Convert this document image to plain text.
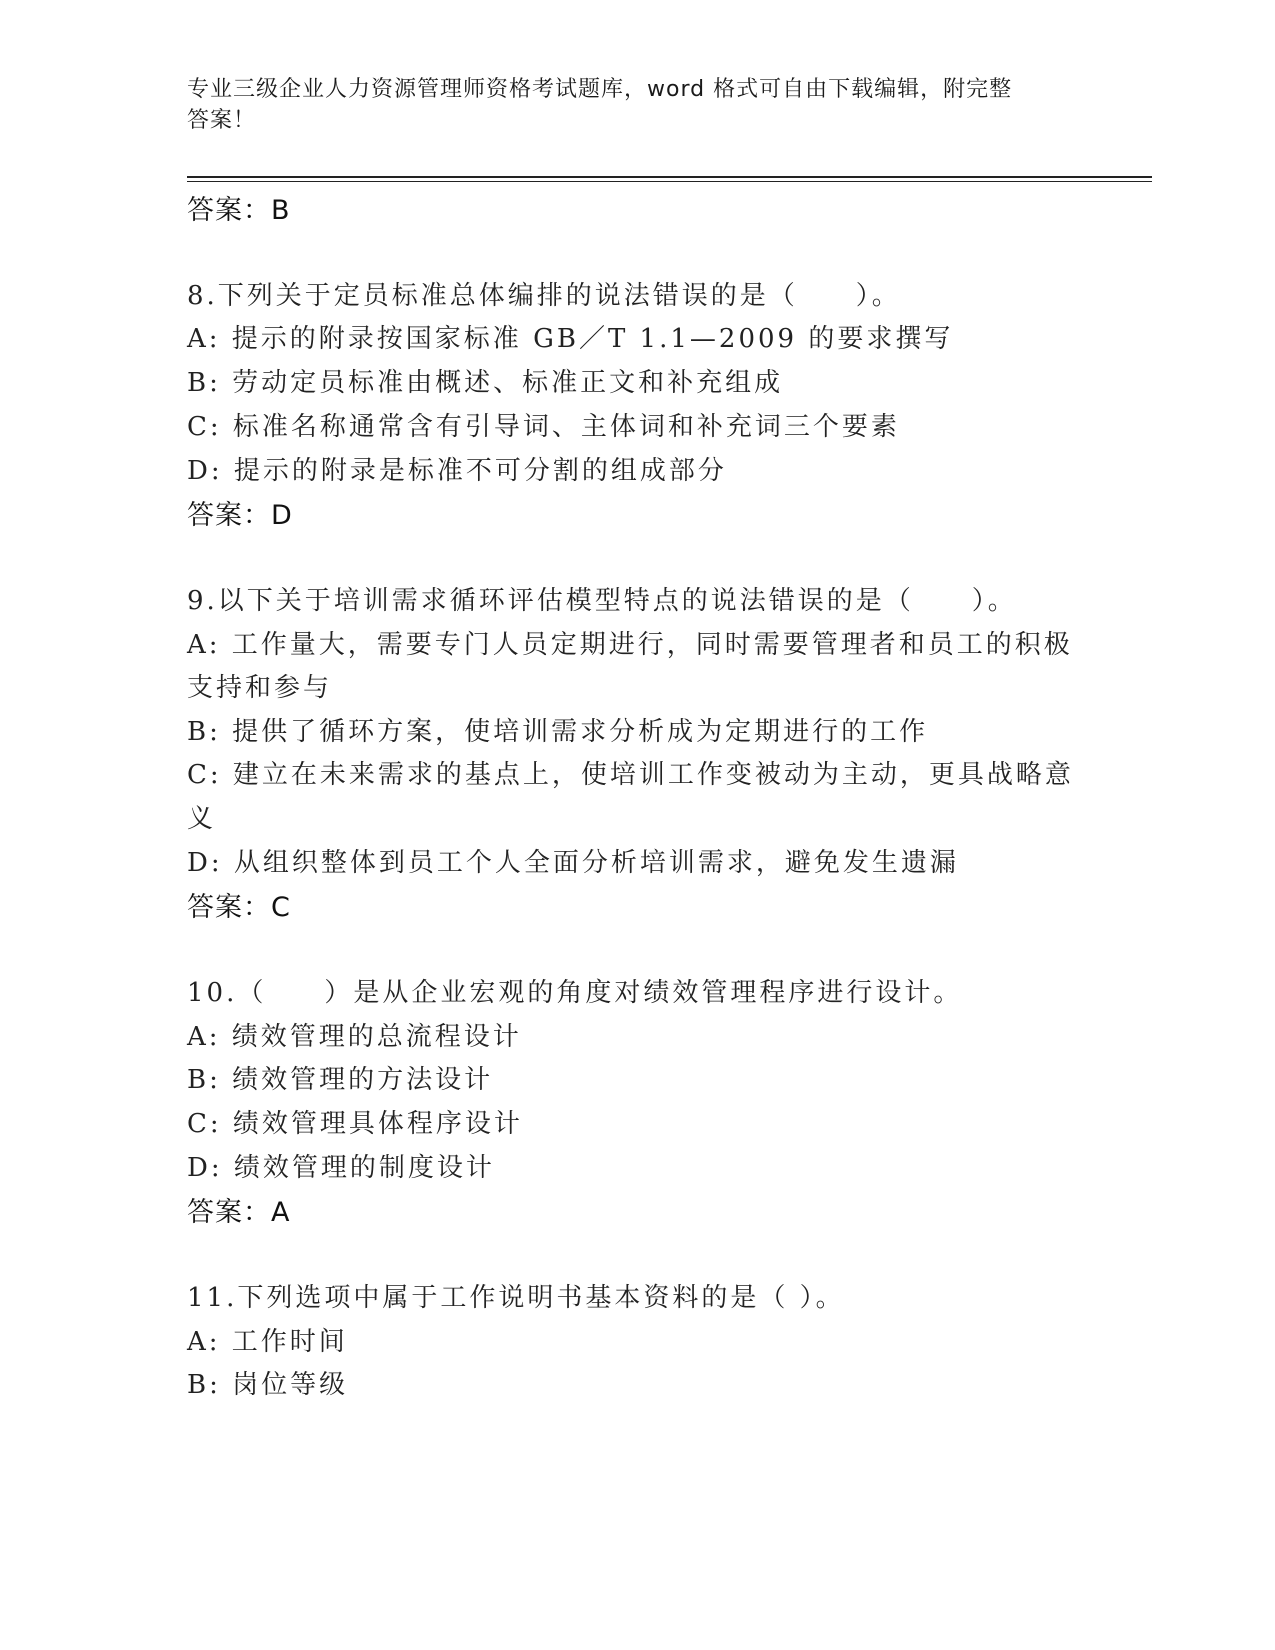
专业三级企业人力资源管理师资格考试题库，word 格式可自由下载编辑，附完整
答案！
答案：B
8.下列关于定员标准总体编排的说法错误的是（　　）。
A: 提示的附录按国家标准 GB／T 1.1—2009 的要求撰写
B: 劳动定员标准由概述、标准正文和补充组成
C: 标准名称通常含有引导词、主体词和补充词三个要素
D: 提示的附录是标准不可分割的组成部分
答案：D
9.以下关于培训需求循环评估模型特点的说法错误的是（　　）。
A: 工作量大，需要专门人员定期进行，同时需要管理者和员工的积极
支持和参与
B: 提供了循环方案，使培训需求分析成为定期进行的工作
C: 建立在未来需求的基点上，使培训工作变被动为主动，更具战略意
义
D: 从组织整体到员工个人全面分析培训需求，避免发生遗漏
答案：C
10.（　　）是从企业宏观的角度对绩效管理程序进行设计。
A: 绩效管理的总流程设计
B: 绩效管理的方法设计
C: 绩效管理具体程序设计
D: 绩效管理的制度设计
答案：A
11.下列选项中属于工作说明书基本资料的是（ ）。
A: 工作时间
B: 岗位等级
